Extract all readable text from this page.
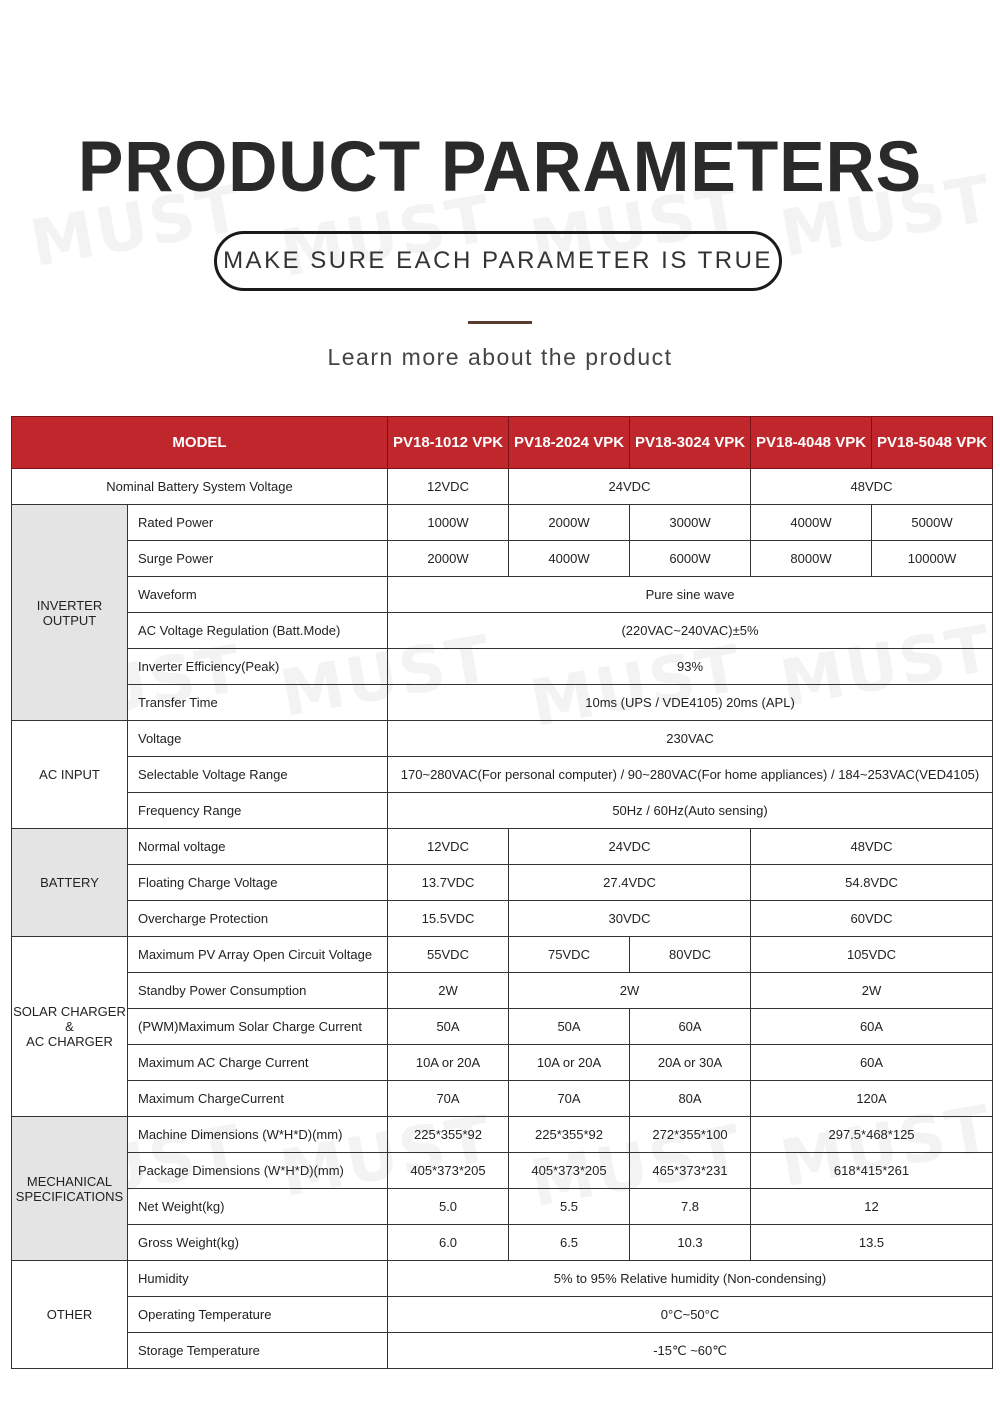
PRODUCT PARAMETERS
MAKE SURE EACH PARAMETER IS TRUE
Learn more about the product
MODEL		PV18-1012 VPK	PV18-2024 VPK	PV18-3024 VPK	PV18-4048 VPK	PV18-5048 VPK
Nominal Battery System Voltage		12VDC	24VDC		48VDC	
INVERTER
OUTPUT	Rated Power	1000W	2000W	3000W	4000W	5000W
	Surge Power	2000W	4000W	6000W	8000W	10000W
	Waveform	Pure sine wave				
	AC Voltage Regulation (Batt.Mode)	(220VAC~240VAC)±5%				
	Inverter Efficiency(Peak)	93%				
	Transfer Time	10ms (UPS / VDE4105) 20ms (APL)				
AC INPUT	Voltage	230VAC				
	Selectable Voltage Range	170~280VAC(For personal computer) / 90~280VAC(For home appliances) / 184~253VAC(VED4105)				
	Frequency Range	50Hz / 60Hz(Auto sensing)				
BATTERY	Normal voltage	12VDC	24VDC		48VDC	
	Floating Charge Voltage	13.7VDC	27.4VDC		54.8VDC	
	Overcharge Protection	15.5VDC	30VDC		60VDC	
SOLAR CHARGER
&
AC CHARGER	Maximum PV Array Open Circuit Voltage	55VDC	75VDC	80VDC	105VDC	
	Standby Power Consumption	2W	2W		2W	
	(PWM)Maximum Solar Charge Current	50A	50A	60A	60A	
	Maximum AC Charge Current	10A or 20A	10A or 20A	20A or 30A	60A	
	Maximum ChargeCurrent	70A	70A	80A	120A	
MECHANICAL
SPECIFICATIONS	Machine Dimensions (W*H*D)(mm)	225*355*92	225*355*92	272*355*100	297.5*468*125	
	Package Dimensions (W*H*D)(mm)	405*373*205	405*373*205	465*373*231	618*415*261	
	Net Weight(kg)	5.0	5.5	7.8	12	
	Gross Weight(kg)	6.0	6.5	10.3	13.5	
OTHER	Humidity	5% to 95% Relative humidity (Non-condensing)				
	Operating Temperature	0°C~50°C				
	Storage Temperature	-15℃ ~60℃				
